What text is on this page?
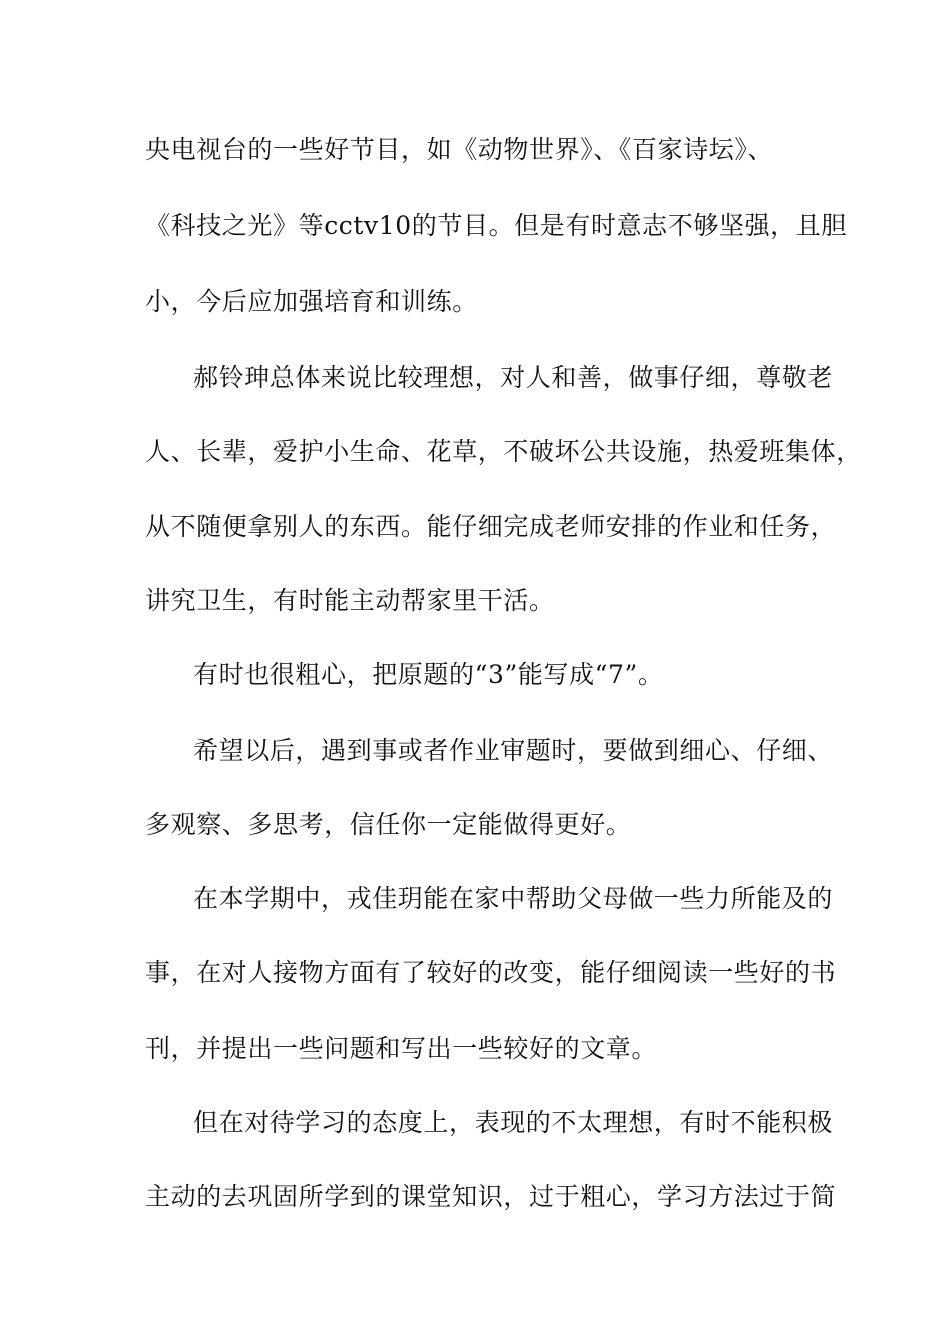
央电视台的一些好节目，如《动物世界》、《百家诗坛》、
《科技之光》等cctv10的节目。但是有时意志不够坚强，且胆
小，今后应加强培育和训练。
郝铃珅总体来说比较理想，对人和善，做事仔细，尊敬老
人、长辈，爱护小生命、花草，不破坏公共设施，热爱班集体，
从不随便拿别人的东西。能仔细完成老师安排的作业和任务，
讲究卫生，有时能主动帮家里干活。
有时也很粗心，把原题的“3”能写成“7”。
希望以后，遇到事或者作业审题时，要做到细心、仔细、
多观察、多思考，信任你一定能做得更好。
在本学期中，戎佳玥能在家中帮助父母做一些力所能及的
事，在对人接物方面有了较好的改变，能仔细阅读一些好的书
刊，并提出一些问题和写出一些较好的文章。
但在对待学习的态度上，表现的不太理想，有时不能积极
主动的去巩固所学到的课堂知识，过于粗心，学习方法过于简
